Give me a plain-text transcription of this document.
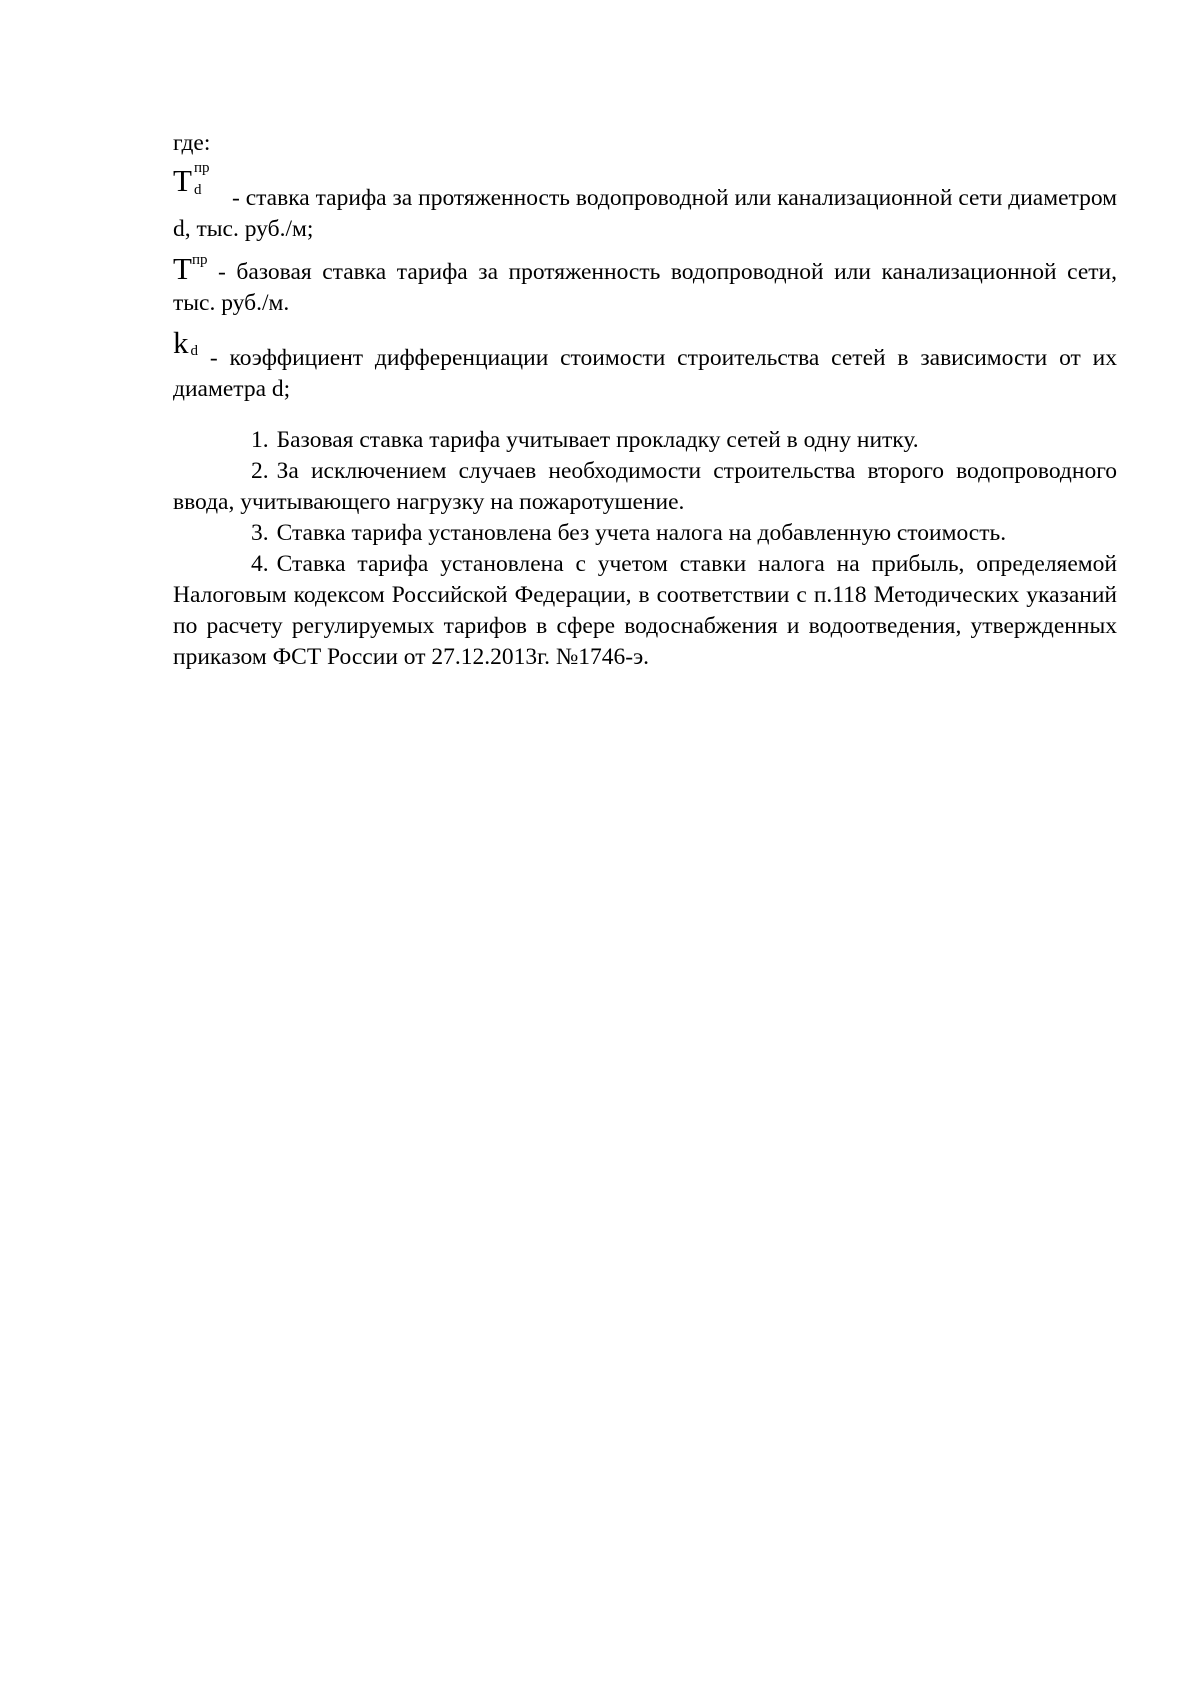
где:

T пр
d - ставка тарифа за протяженность водопроводной или канализационной сети диаметром d, тыс. руб./м;

$T^{пр}$ - базовая ставка тарифа за протяженность водопроводной или канализационной сети, тыс. руб./м.

k d - коэффициент дифференциации стоимости строительства сетей в зависимости от их диаметра d;

1. Базовая ставка тарифа учитывает прокладку сетей в одну нитку.

2. За исключением случаев необходимости строительства второго водопроводного ввода, учитывающего нагрузку на пожаротушение.

3. Ставка тарифа установлена без учета налога на добавленную стоимость.

4. Ставка тарифа установлена с учетом ставки налога на прибыль, определяемой Налоговым кодексом Российской Федерации, в соответствии с п.118 Методических указаний по расчету регулируемых тарифов в сфере водоснабжения и водоотведения, утвержденных приказом ФСТ России от 27.12.2013г. №1746-э.
